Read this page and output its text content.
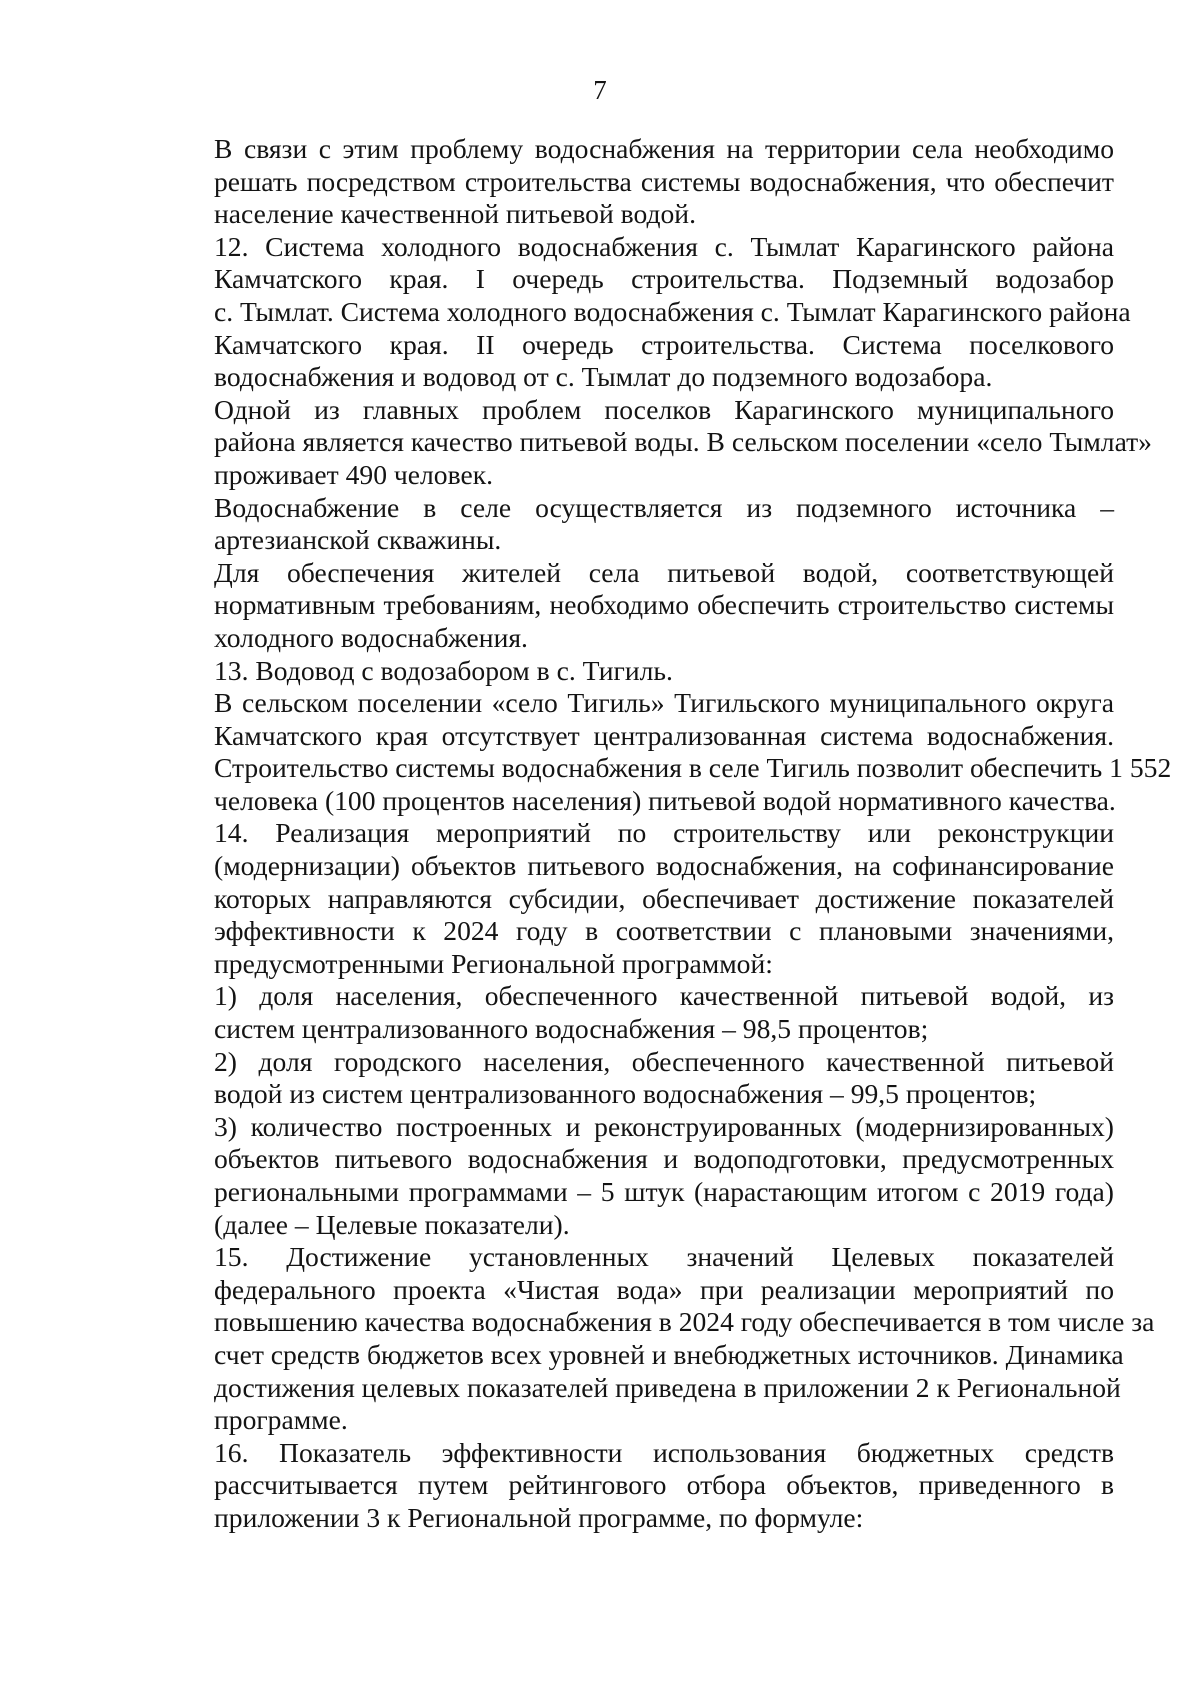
7
В связи с этим проблему водоснабжения на территории села необходимо
решать посредством строительства системы водоснабжения, что обеспечит
население качественной питьевой водой.
12. Система холодного водоснабжения с. Тымлат Карагинского района
Камчатского края. I очередь строительства. Подземный водозабор
с. Тымлат. Система холодного водоснабжения с. Тымлат Карагинского района
Камчатского края. II очередь строительства. Система поселкового
водоснабжения и водовод от с. Тымлат до подземного водозабора.
Одной из главных проблем поселков Карагинского муниципального
района является качество питьевой воды. В сельском поселении «село Тымлат»
проживает 490 человек.
Водоснабжение в селе осуществляется из подземного источника –
артезианской скважины.
Для обеспечения жителей села питьевой водой, соответствующей
нормативным требованиям, необходимо обеспечить строительство системы
холодного водоснабжения.
13. Водовод с водозабором в с. Тигиль.
В сельском поселении «село Тигиль» Тигильского муниципального округа
Камчатского края отсутствует централизованная система водоснабжения.
Строительство системы водоснабжения в селе Тигиль позволит обеспечить 1 552
человека (100 процентов населения) питьевой водой нормативного качества.
14. Реализация мероприятий по строительству или реконструкции
(модернизации) объектов питьевого водоснабжения, на софинансирование
которых направляются субсидии, обеспечивает достижение показателей
эффективности к 2024 году в соответствии с плановыми значениями,
предусмотренными Региональной программой:
1) доля населения, обеспеченного качественной питьевой водой, из
систем централизованного водоснабжения – 98,5 процентов;
2) доля городского населения, обеспеченного качественной питьевой
водой из систем централизованного водоснабжения – 99,5 процентов;
3) количество построенных и реконструированных (модернизированных)
объектов питьевого водоснабжения и водоподготовки, предусмотренных
региональными программами – 5 штук (нарастающим итогом с 2019 года)
(далее – Целевые показатели).
15. Достижение установленных значений Целевых показателей
федерального проекта «Чистая вода» при реализации мероприятий по
повышению качества водоснабжения в 2024 году обеспечивается в том числе за
счет средств бюджетов всех уровней и внебюджетных источников. Динамика
достижения целевых показателей приведена в приложении 2 к Региональной
программе.
16. Показатель эффективности использования бюджетных средств
рассчитывается путем рейтингового отбора объектов, приведенного в
приложении 3 к Региональной программе, по формуле:
